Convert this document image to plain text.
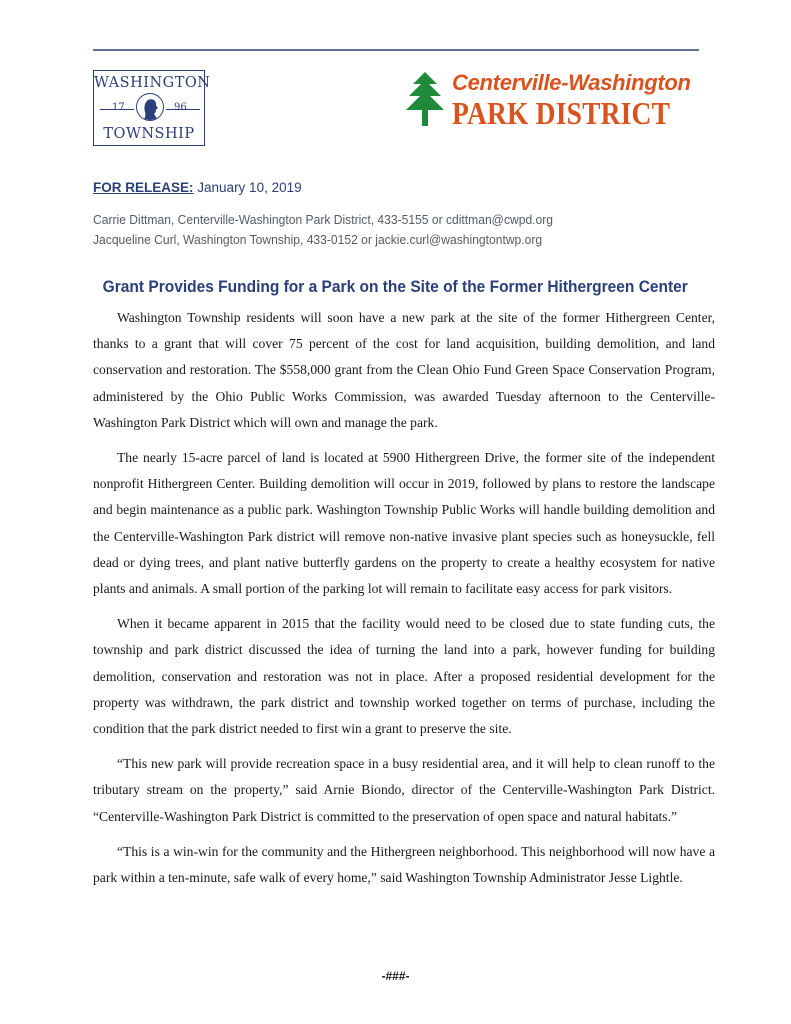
WASHINGTON
17	96
TOWNSHIP
Centerville-Washington
PARK DISTRICT
FOR RELEASE: January 10, 2019
Carrie Dittman, Centerville-Washington Park District, 433-5155 or cdittman@cwpd.org
Jacqueline Curl, Washington Township, 433-0152 or jackie.curl@washingtontwp.org
Grant Provides Funding for a Park on the Site of the Former Hithergreen Center

Washington Township residents will soon have a new park at the site of the former Hithergreen Center, thanks to a grant that will cover 75 percent of the cost for land acquisition, building demolition, and land conservation and restoration. The $558,000 grant from the Clean Ohio Fund Green Space Conservation Program, administered by the Ohio Public Works Commission, was awarded Tuesday afternoon to the Centerville-Washington Park District which will own and manage the park.

The nearly 15-acre parcel of land is located at 5900 Hithergreen Drive, the former site of the independent nonprofit Hithergreen Center. Building demolition will occur in 2019, followed by plans to restore the landscape and begin maintenance as a public park. Washington Township Public Works will handle building demolition and the Centerville-Washington Park district will remove non-native invasive plant species such as honeysuckle, fell dead or dying trees, and plant native butterfly gardens on the property to create a healthy ecosystem for native plants and animals. A small portion of the parking lot will remain to facilitate easy access for park visitors.

When it became apparent in 2015 that the facility would need to be closed due to state funding cuts, the township and park district discussed the idea of turning the land into a park, however funding for building demolition, conservation and restoration was not in place. After a proposed residential development for the property was withdrawn, the park district and township worked together on terms of purchase, including the condition that the park district needed to first win a grant to preserve the site.

“This new park will provide recreation space in a busy residential area, and it will help to clean runoff to the tributary stream on the property,” said Arnie Biondo, director of the Centerville-Washington Park District. “Centerville-Washington Park District is committed to the preservation of open space and natural habitats.”

“This is a win-win for the community and the Hithergreen neighborhood. This neighborhood will now have a park within a ten-minute, safe walk of every home,” said Washington Township Administrator Jesse Lightle.

-###-
